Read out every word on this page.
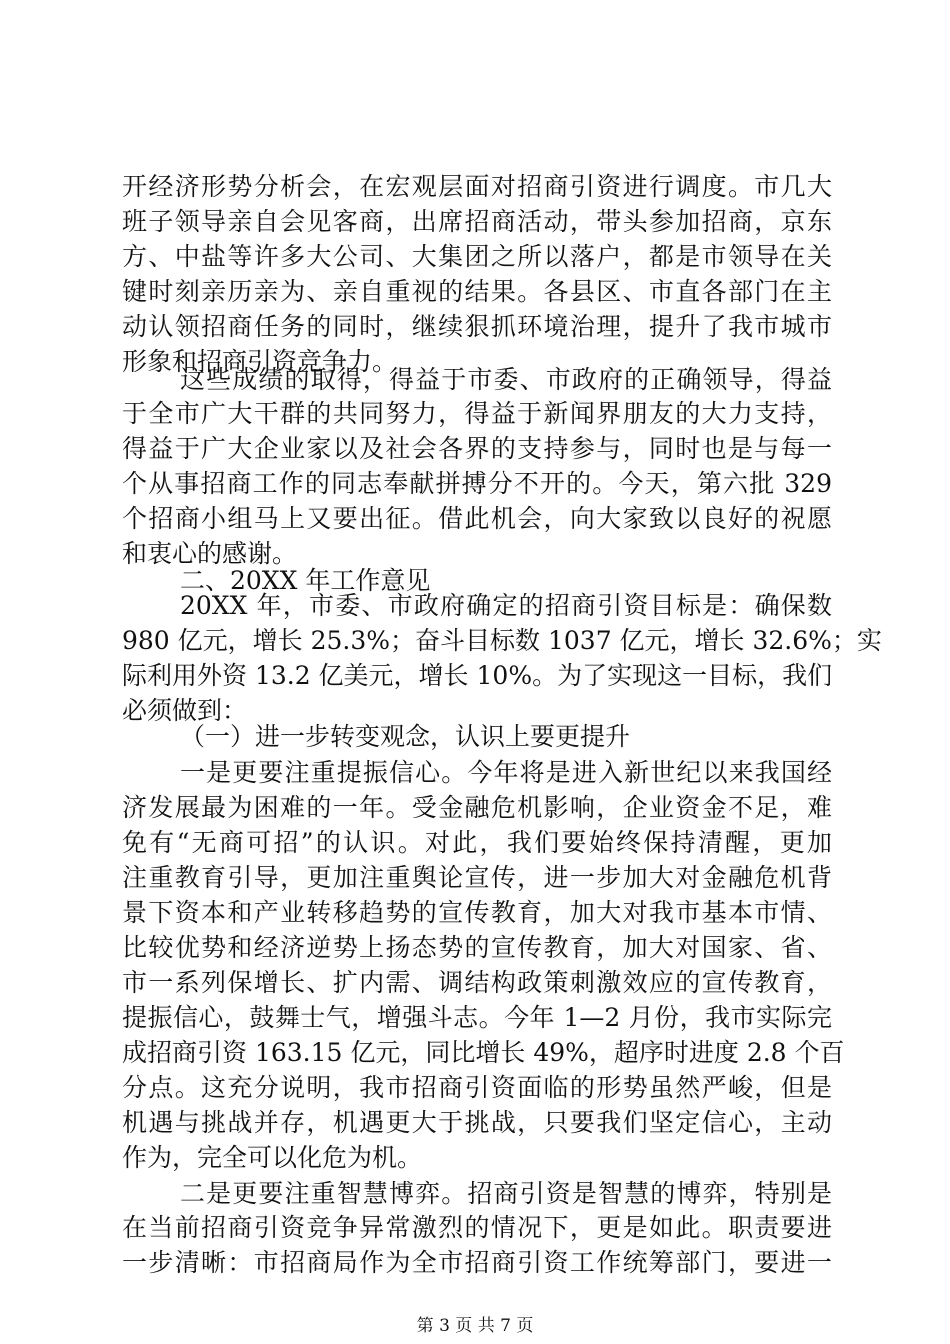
开经济形势分析会，在宏观层面对招商引资进行调度。市几大
班子领导亲自会见客商，出席招商活动，带头参加招商，京东
方、中盐等许多大公司、大集团之所以落户，都是市领导在关
键时刻亲历亲为、亲自重视的结果。各县区、市直各部门在主
动认领招商任务的同时，继续狠抓环境治理，提升了我市城市
形象和招商引资竞争力。
这些成绩的取得，得益于市委、市政府的正确领导，得益
于全市广大干群的共同努力，得益于新闻界朋友的大力支持，
得益于广大企业家以及社会各界的支持参与，同时也是与每一
个从事招商工作的同志奉献拼搏分不开的。今天，第六批 329
个招商小组马上又要出征。借此机会，向大家致以良好的祝愿
和衷心的感谢。
二、20XX 年工作意见
20XX 年，市委、市政府确定的招商引资目标是：确保数
980 亿元，增长 25.3%；奋斗目标数 1037 亿元，增长 32.6%；实
际利用外资 13.2 亿美元，增长 10%。为了实现这一目标，我们
必须做到：
（一）进一步转变观念，认识上要更提升
一是更要注重提振信心。今年将是进入新世纪以来我国经
济发展最为困难的一年。受金融危机影响，企业资金不足，难
免有“无商可招”的认识。对此，我们要始终保持清醒，更加
注重教育引导，更加注重舆论宣传，进一步加大对金融危机背
景下资本和产业转移趋势的宣传教育，加大对我市基本市情、
比较优势和经济逆势上扬态势的宣传教育，加大对国家、省、
市一系列保增长、扩内需、调结构政策刺激效应的宣传教育，
提振信心，鼓舞士气，增强斗志。今年 1—2 月份，我市实际完
成招商引资 163.15 亿元，同比增长 49%，超序时进度 2.8 个百
分点。这充分说明，我市招商引资面临的形势虽然严峻，但是
机遇与挑战并存，机遇更大于挑战，只要我们坚定信心，主动
作为，完全可以化危为机。
二是更要注重智慧博弈。招商引资是智慧的博弈，特别是
在当前招商引资竞争异常激烈的情况下，更是如此。职责要进
一步清晰：市招商局作为全市招商引资工作统筹部门，要进一
第 3 页 共 7 页
